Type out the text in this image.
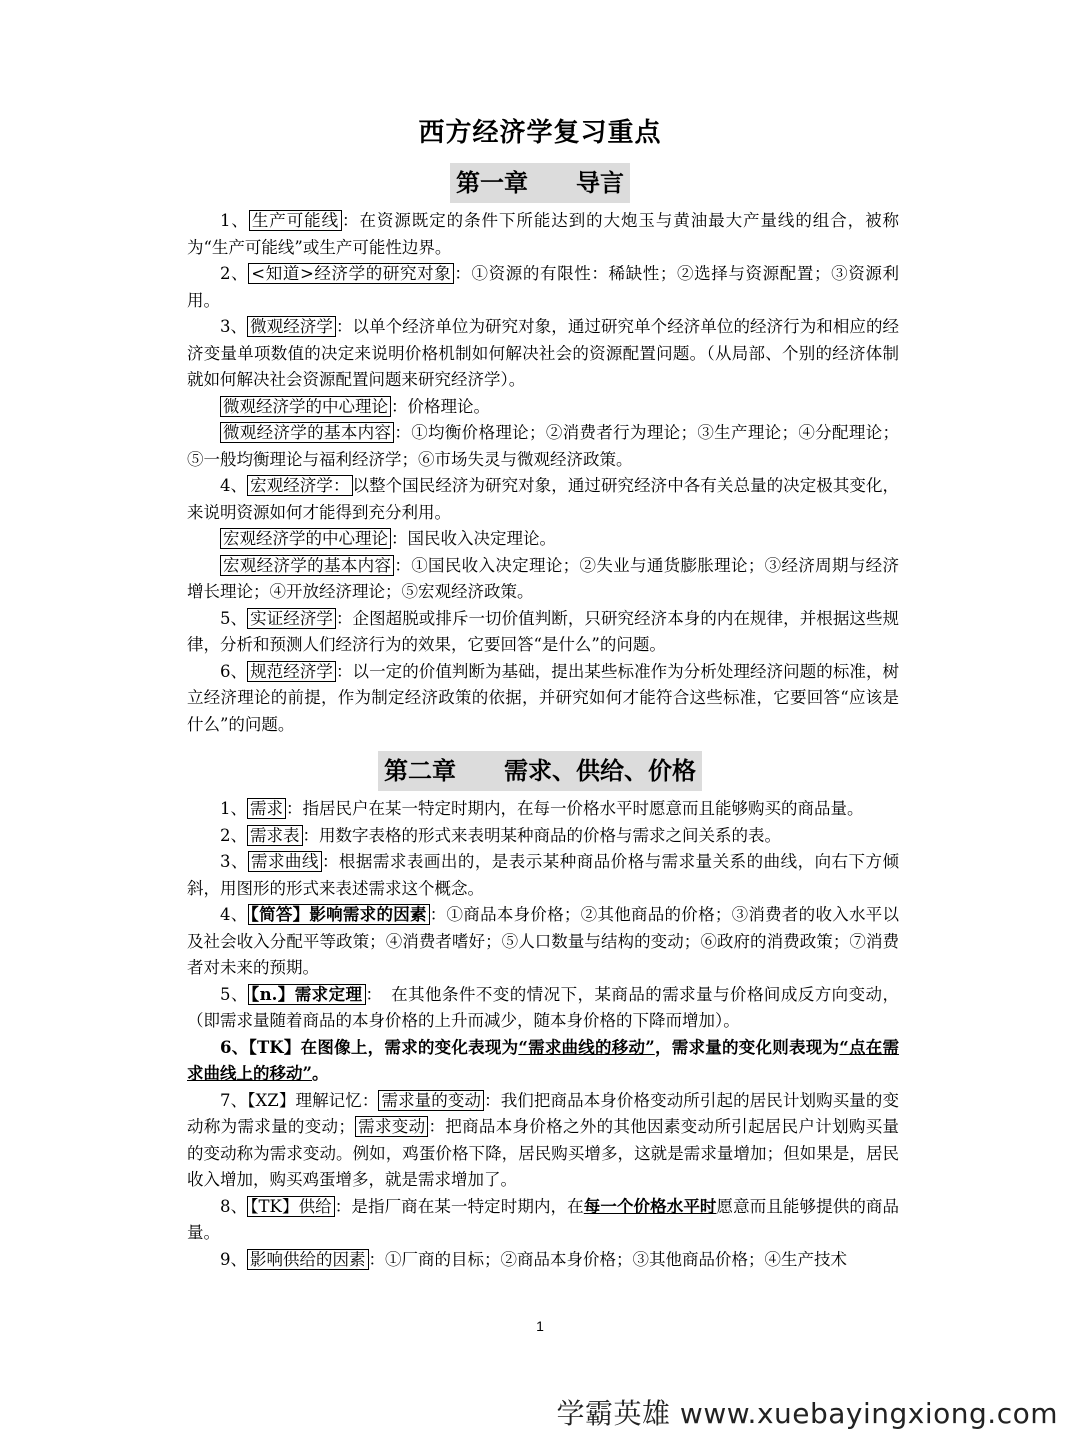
西方经济学复习重点
第一章　　导言

1、 生产可能线 ：在资源既定的条件下所能达到的大炮玉与黄油最大产量线的组合，被称为“生产可能线”或生产可能性边界。

2、 <知道>经济学的研究对象 ：①资源的有限性：稀缺性；②选择与资源配置；③资源利用。

3、 微观经济学 ：以单个经济单位为研究对象，通过研究单个经济单位的经济行为和相应的经济变量单项数值的决定来说明价格机制如何解决社会的资源配置问题。（从局部、个别的经济体制就如何解决社会资源配置问题来研究经济学）。

微观经济学的中心理论 ：价格理论。

微观经济学的基本内容 ：①均衡价格理论；②消费者行为理论；③生产理论；④分配理论；⑤一般均衡理论与福利经济学；⑥市场失灵与微观经济政策。

4、 宏观经济学： 以整个国民经济为研究对象，通过研究经济中各有关总量的决定极其变化，来说明资源如何才能得到充分利用。

宏观经济学的中心理论 ：国民收入决定理论。

宏观经济学的基本内容 ：①国民收入决定理论；②失业与通货膨胀理论；③经济周期与经济增长理论；④开放经济理论；⑤宏观经济政策。

5、 实证经济学 ：企图超脱或排斥一切价值判断，只研究经济本身的内在规律，并根据这些规律，分析和预测人们经济行为的效果，它要回答“是什么”的问题。

6、 规范经济学 ：以一定的价值判断为基础，提出某些标准作为分析处理经济问题的标准，树立经济理论的前提，作为制定经济政策的依据，并研究如何才能符合这些标准，它要回答“应该是什么”的问题。

第二章　　需求、供给、价格

1、 需求 ：指居民户在某一特定时期内，在每一价格水平时愿意而且能够购买的商品量。

2、 需求表 ：用数字表格的形式来表明某种商品的价格与需求之间关系的表。

3、 需求曲线 ：根据需求表画出的，是表示某种商品价格与需求量关系的曲线，向右下方倾斜，用图形的形式来表述需求这个概念。

4、 【简答】影响需求的因素 ：①商品本身价格；②其他商品的价格；③消费者的收入水平以及社会收入分配平等政策；④消费者嗜好；⑤人口数量与结构的变动；⑥政府的消费政策；⑦消费者对未来的预期。

5、 【n.】需求定理 ：　在其他条件不变的情况下，某商品的需求量与价格间成反方向变动，（即需求量随着商品的本身价格的上升而减少，随本身价格的下降而增加）。

6、【TK】在图像上，需求的变化表现为“需求曲线的移动”，需求量的变化则表现为“点在需求曲线上的移动”。

7、【XZ】理解记忆： 需求量的变动 ：我们把商品本身价格变动所引起的居民计划购买量的变动称为需求量的变动； 需求变动 ：把商品本身价格之外的其他因素变动所引起居民户计划购买量的变动称为需求变动。例如，鸡蛋价格下降，居民购买增多，这就是需求量增加；但如果是，居民收入增加，购买鸡蛋增多，就是需求增加了。

8、 【TK】供给 ：是指厂商在某一特定时期内，在每一个价格水平时愿意而且能够提供的商品量。

9、 影响供给的因素 ：①厂商的目标；②商品本身价格；③其他商品价格；④生产技术

1
学霸英雄 www.xuebayingxiong.com
